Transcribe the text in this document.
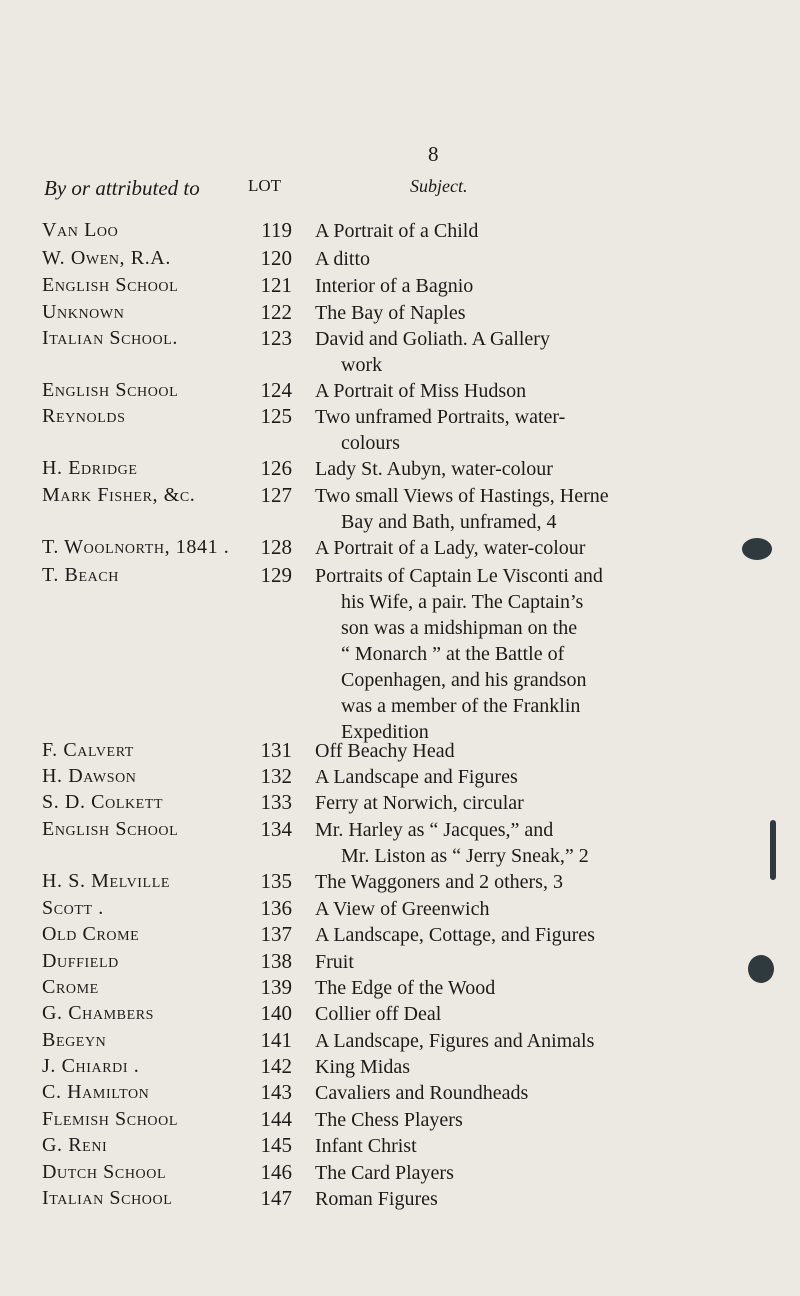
8
By or attributed to	LOT	Subject.
Van Loo	119 A Portrait of a Child
W. Owen, R.A.	120 A ditto
English School	121 Interior of a Bagnio
Unknown	122 The Bay of Naples
Italian School.	123 David and Goliath. A Gallery
work
English School	124 A Portrait of Miss Hudson
Reynolds	125 Two unframed Portraits, water-
colours
H. Edridge	126 Lady St. Aubyn, water-colour
Mark Fisher, &c.	127 Two small Views of Hastings, Herne
Bay and Bath, unframed, 4
T. Woolnorth, 1841 .	128 A Portrait of a Lady, water-colour
T. Beach	129 Portraits of Captain Le Visconti and
his Wife, a pair. The Captain’s
son was a midshipman on the
“ Monarch ” at the Battle of
Copenhagen, and his grandson
was a member of the Franklin
Expedition
F. Calvert	131 Off Beachy Head
H. Dawson	132 A Landscape and Figures
S. D. Colkett	133 Ferry at Norwich, circular
English School	134 Mr. Harley as “ Jacques,” and
Mr. Liston as “ Jerry Sneak,” 2
H. S. Melville	135 The Waggoners and 2 others, 3
Scott .	136 A View of Greenwich
Old Crome	137 A Landscape, Cottage, and Figures
Duffield	138 Fruit
Crome	139 The Edge of the Wood
G. Chambers	140 Collier off Deal
Begeyn	141 A Landscape, Figures and Animals
J. Chiardi .	142 King Midas
C. Hamilton	143 Cavaliers and Roundheads
Flemish School	144 The Chess Players
G. Reni	145 Infant Christ
Dutch School	146 The Card Players
Italian School	147 Roman Figures
